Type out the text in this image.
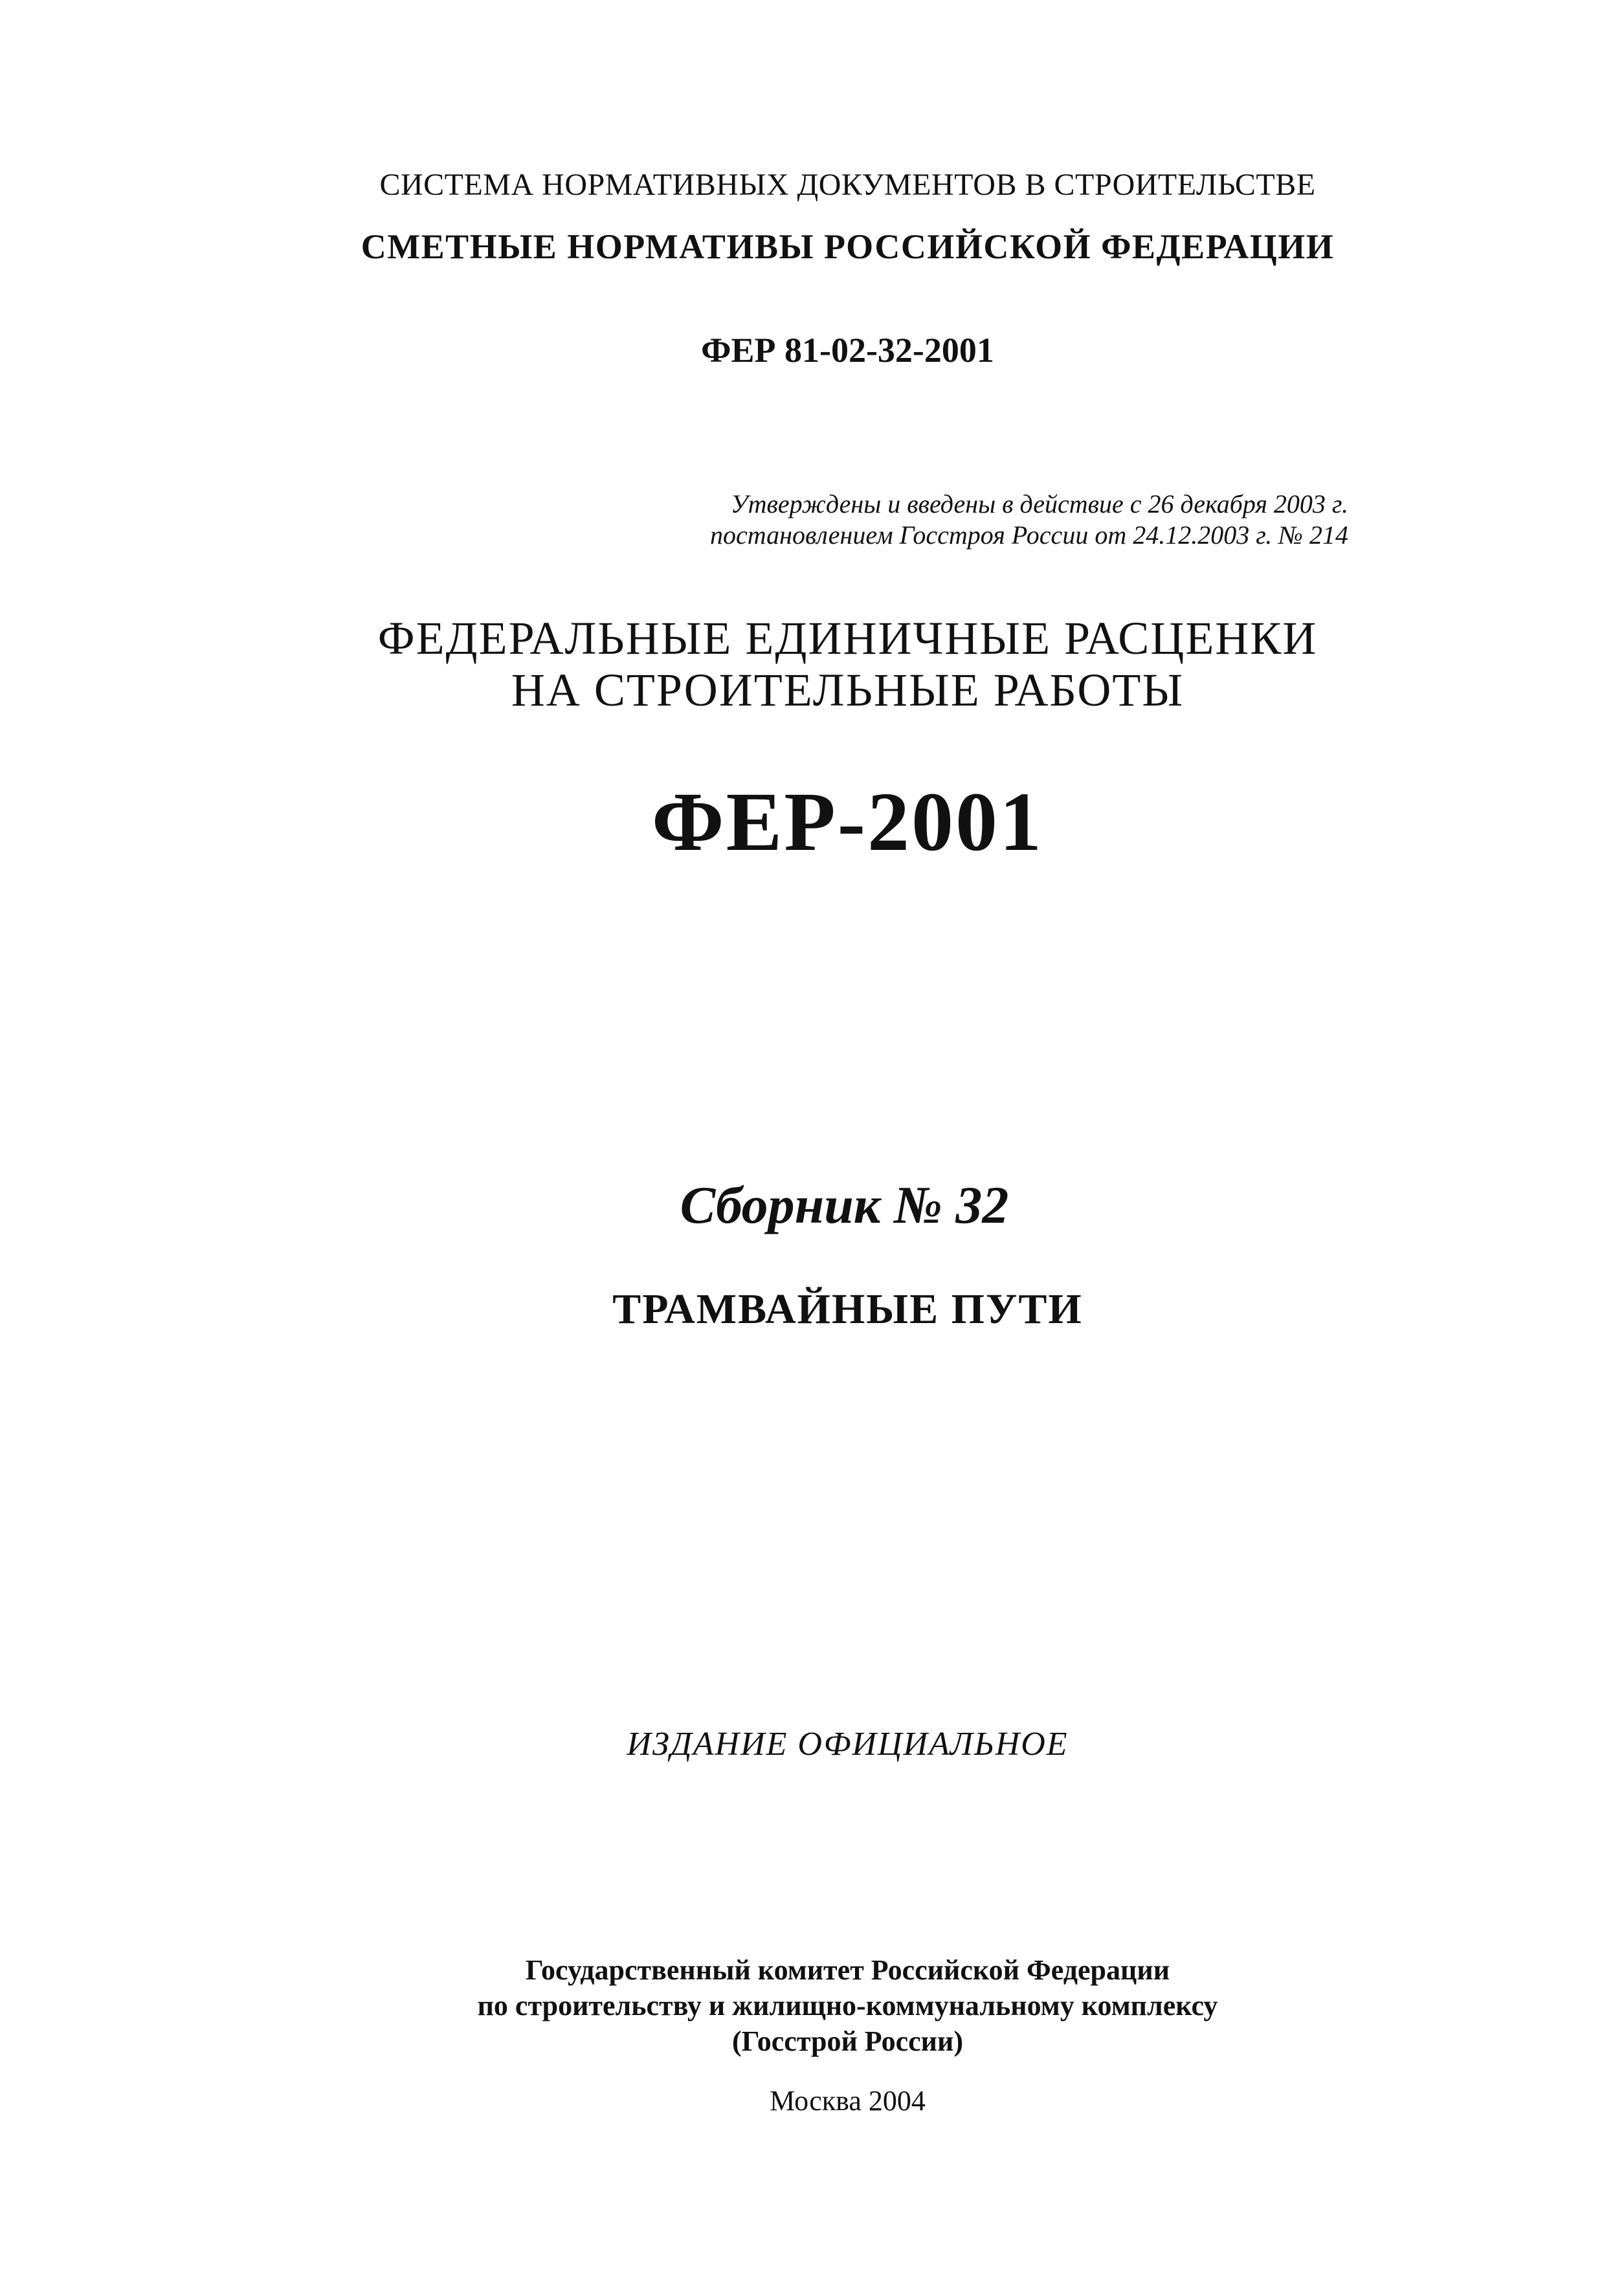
СИСТЕМА НОРМАТИВНЫХ ДОКУМЕНТОВ В СТРОИТЕЛЬСТВЕ

СМЕТНЫЕ НОРМАТИВЫ РОССИЙСКОЙ ФЕДЕРАЦИИ

ФЕР 81-02-32-2001

Утверждены и введены в действие с 26 декабря 2003 г.

постановлением Госстроя России от 24.12.2003 г. № 214

ФЕДЕРАЛЬНЫЕ ЕДИНИЧНЫЕ РАСЦЕНКИ

НА СТРОИТЕЛЬНЫЕ РАБОТЫ

ФЕР-2001

Сборник № 32

ТРАМВАЙНЫЕ ПУТИ

ИЗДАНИЕ ОФИЦИАЛЬНОЕ

Государственный комитет Российской Федерации

по строительству и жилищно-коммунальному комплексу

(Госстрой России)

Москва 2004
